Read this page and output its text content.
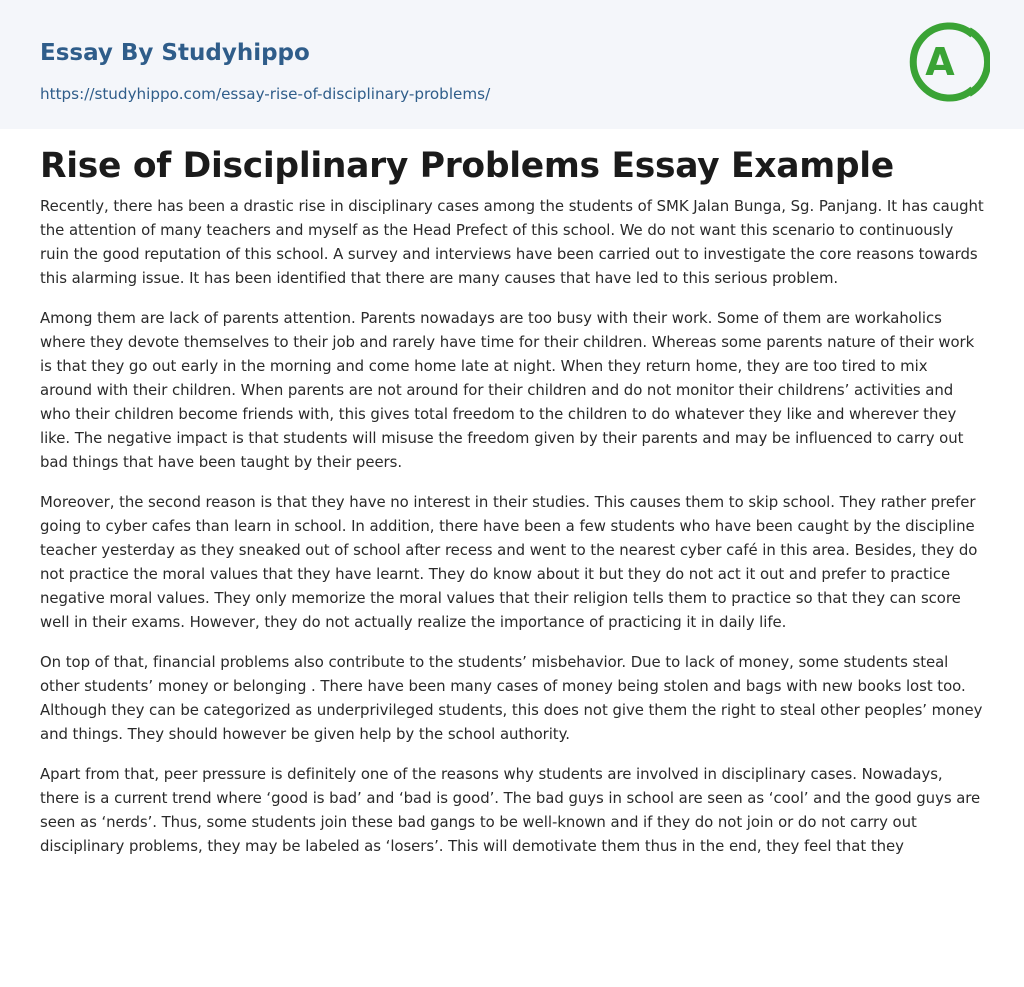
Essay By Studyhippo

https://studyhippo.com/essay-rise-of-disciplinary-problems/
A
Rise of Disciplinary Problems Essay Example

Recently, there has been a drastic rise in disciplinary cases among the students of SMK Jalan Bunga, Sg. Panjang. It has caught the attention of many teachers and myself as the Head Prefect of this school. We do not want this scenario to continuously ruin the good reputation of this school. A survey and interviews have been carried out to investigate the core reasons towards this alarming issue. It has been identified that there are many causes that have led to this serious problem.

Among them are lack of parents attention. Parents nowadays are too busy with their work. Some of them are workaholics where they devote themselves to their job and rarely have time for their children. Whereas some parents nature of their work is that they go out early in the morning and come home late at night. When they return home, they are too tired to mix around with their children. When parents are not around for their children and do not monitor their childrens’ activities and who their children become friends with, this gives total freedom to the children to do whatever they like and wherever they like. The negative impact is that students will misuse the freedom given by their parents and may be influenced to carry out bad things that have been taught by their peers.

Moreover, the second reason is that they have no interest in their studies. This causes them to skip school. They rather prefer going to cyber cafes than learn in school. In addition, there have been a few students who have been caught by the discipline teacher yesterday as they sneaked out of school after recess and went to the nearest cyber café in this area. Besides, they do not practice the moral values that they have learnt. They do know about it but they do not act it out and prefer to practice negative moral values. They only memorize the moral values that their religion tells them to practice so that they can score well in their exams. However, they do not actually realize the importance of practicing it in daily life.

On top of that, financial problems also contribute to the students’ misbehavior. Due to lack of money, some students steal other students’ money or belonging . There have been many cases of money being stolen and bags with new books lost too. Although they can be categorized as underprivileged students, this does not give them the right to steal other peoples’ money and things. They should however be given help by the school authority.

Apart from that, peer pressure is definitely one of the reasons why students are involved in disciplinary cases. Nowadays, there is a current trend where ‘good is bad’ and ‘bad is good’. The bad guys in school are seen as ‘cool’ and the good guys are seen as ‘nerds’. Thus, some students join these bad gangs to be well-known and if they do not join or do not carry out disciplinary problems, they may be labeled as ‘losers’. This will demotivate them thus in the end, they feel that they
